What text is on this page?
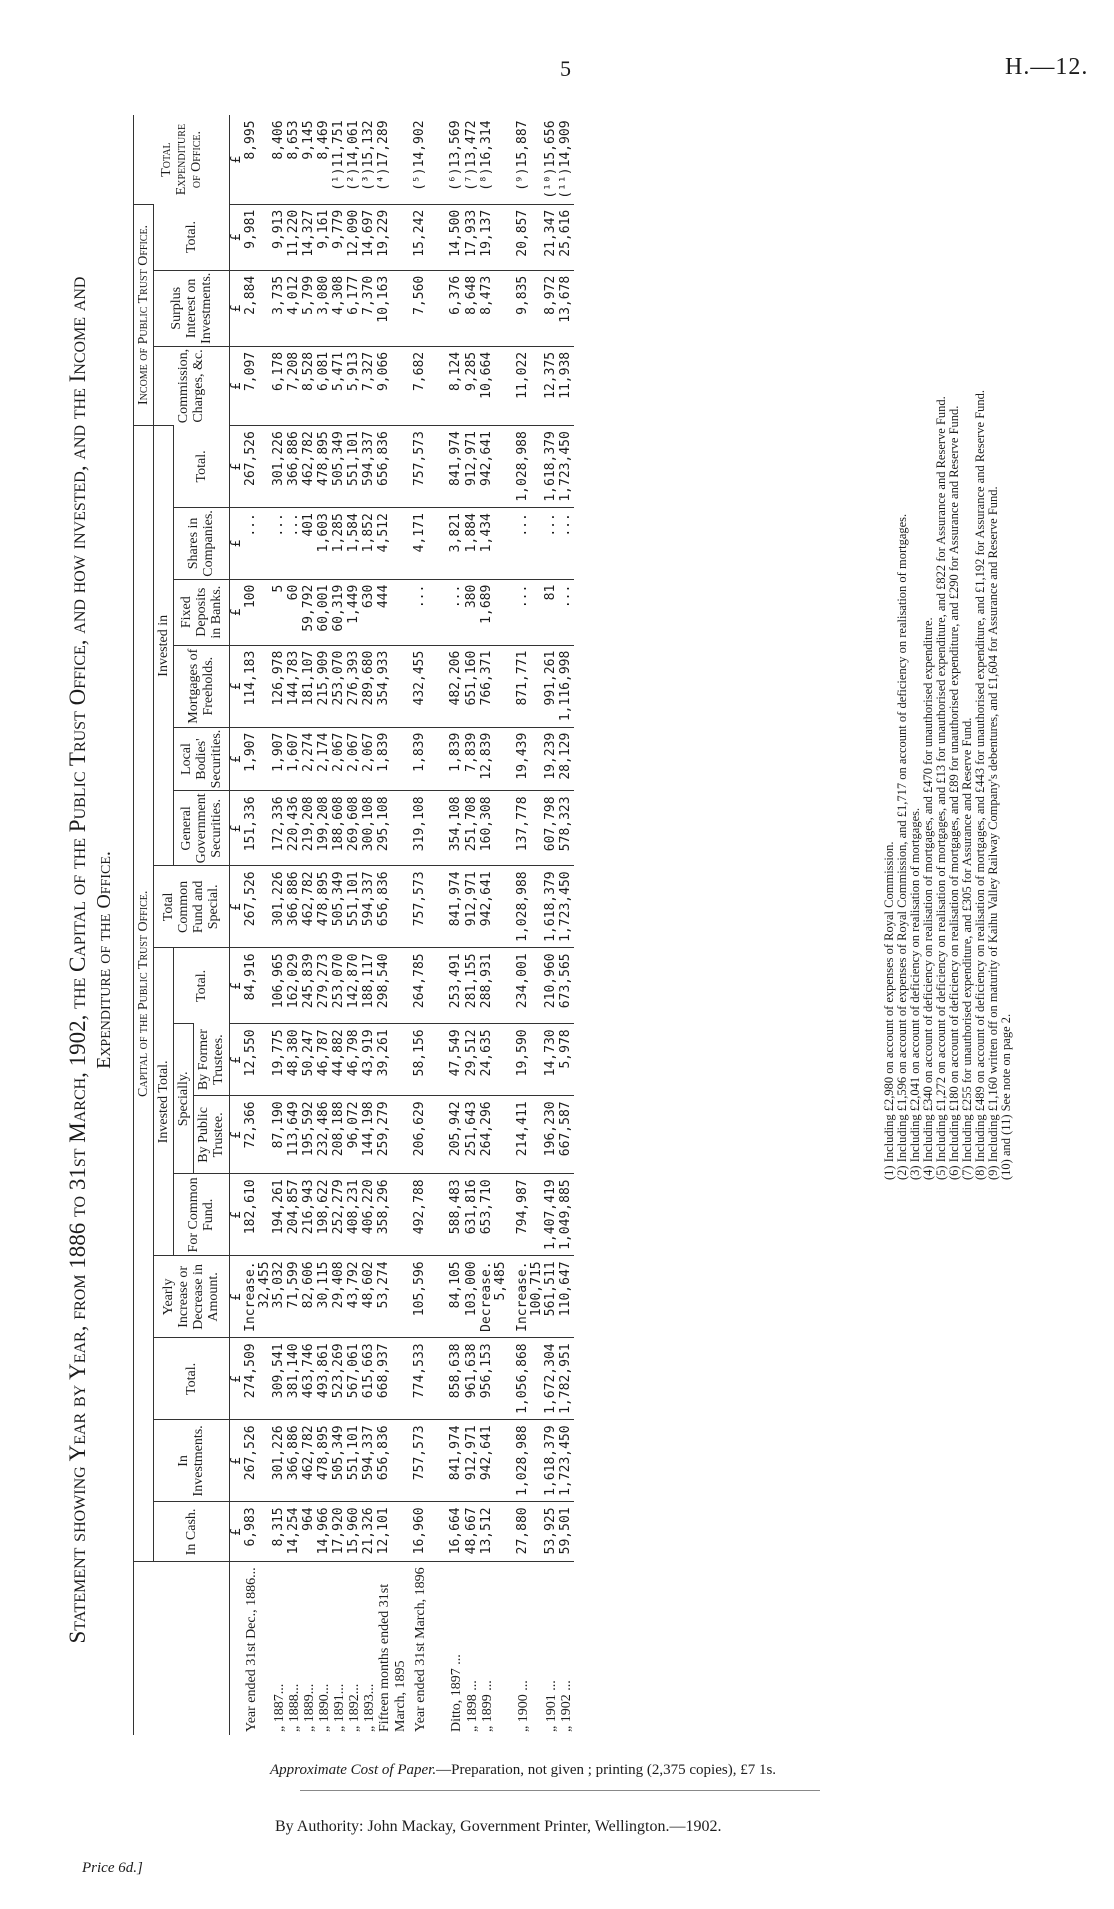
5	H.—12.
Statement showing Year by Year, from 1886 to 31st March, 1902, the Capital of the Public Trust Office, and how invested, and the Income and Expenditure of the Office.
	Capital of the Public Trust Office.															Income of Public Trust Office.			Total Expenditure of Office.
	In Cash.	In Investments.	Total.	Yearly Increase or Decrease in Amount.	Invested Total.				Total Common Fund and Special.	Invested in						Commission, Charges, &c.	Surplus Interest on Investments.	Total.	
					For Common Fund.	Specially.		Total.		General Government Securities.	Local Bodies' Securities.	Mortgages of Freeholds.	Fixed Deposits in Banks.	Shares in Companies.	Total.				
						By Public Trustee.	By Former Trustees.												
	£	£	£	£	£	£	£	£	£	£	£	£	£	£	£	£	£	£	£
Year ended 31st Dec., 1886...	6,983	267,526	274,509	Increase. 32,455	182,610	72,366	12,550	84,916	267,526	151,336	1,907	114,183	100	...	267,526	7,097	2,884	9,981	8,995
„ 1887...	8,315	301,226	309,541	35,032	194,261	87,190	19,775	106,965	301,226	172,336	1,907	126,978	5	...	301,226	6,178	3,735	9,913	8,406
„ 1888...	14,254	366,886	381,140	71,599	204,857	113,649	48,380	162,029	366,886	220,436	1,607	144,783	60	...	366,886	7,208	4,012	11,220	8,653
„ 1889...	964	462,782	463,746	82,606	216,943	195,592	50,247	245,839	462,782	219,208	2,274	181,107	59,792	401	462,782	8,528	5,799	14,327	9,145
„ 1890...	14,966	478,895	493,861	30,115	198,622	232,486	46,787	279,273	478,895	199,208	2,174	215,909	60,001	1,603	478,895	6,081	3,080	9,161	8,469
„ 1891...	17,920	505,349	523,269	29,408	252,279	208,188	44,882	253,070	505,349	188,608	2,067	253,070	60,319	1,285	505,349	5,471	4,308	9,779	(¹)11,751
„ 1892...	15,960	551,101	567,061	43,792	408,231	96,072	46,798	142,870	551,101	269,608	2,067	276,393	1,449	1,584	551,101	5,913	6,177	12,090	(²)14,061
„ 1893...	21,326	594,337	615,663	48,602	406,220	144,198	43,919	188,117	594,337	300,108	2,067	289,680	630	1,852	594,337	7,327	7,370	14,697	(³)15,132
Fifteen months ended 31st March, 1895	12,101	656,836	668,937	53,274	358,296	259,279	39,261	298,540	656,836	295,108	1,839	354,933	444	4,512	656,836	9,066	10,163	19,229	(⁴)17,289
Year ended 31st March, 1896	16,960	757,573	774,533	105,596	492,788	206,629	58,156	264,785	757,573	319,108	1,839	432,455	...	4,171	757,573	7,682	7,560	15,242	(⁵)14,902
Ditto, 1897 ...	16,664	841,974	858,638	84,105	588,483	205,942	47,549	253,491	841,974	354,108	1,839	482,206	...	3,821	841,974	8,124	6,376	14,500	(⁶)13,569
„ 1898 ...	48,667	912,971	961,638	103,000	631,816	251,643	29,512	281,155	912,971	251,708	7,839	651,160	380	1,884	912,971	9,285	8,648	17,933	(⁷)13,472
„ 1899 ...	13,512	942,641	956,153	Decrease. 5,485	653,710	264,296	24,635	288,931	942,641	160,308	12,839	766,371	1,689	1,434	942,641	10,664	8,473	19,137	(⁸)16,314
„ 1900 ...	27,880	1,028,988	1,056,868	Increase. 100,715	794,987	214,411	19,590	234,001	1,028,988	137,778	19,439	871,771	...	...	1,028,988	11,022	9,835	20,857	(⁹)15,887
„ 1901 ...	53,925	1,618,379	1,672,304	561,511	1,407,419	196,230	14,730	210,960	1,618,379	607,798	19,239	991,261	81	...	1,618,379	12,375	8,972	21,347	(¹⁰)15,656
„ 1902 ...	59,501	1,723,450	1,782,951	110,647	1,049,885	667,587	5,978	673,565	1,723,450	578,323	28,129	1,116,998	...	...	1,723,450	11,938	13,678	25,616	(¹¹)14,909
(1) Including £2,980 on account of expenses of Royal Commission. (2) Including £1,596 on account of expenses of Royal Commission, and £1,717 on account of deficiency on realisation of mortgages. (3) Including £2,041 on account of deficiency on realisation of mortgages. (4) Including £340 on account of deficiency on realisation of mortgages, and £470 for unauthorised expenditure. (5) Including £1,272 on account of deficiency on realisation of mortgages, and £13 for unauthorised expenditure, and £822 for Assurance and Reserve Fund. (6) Including £180 on account of deficiency on realisation of mortgages, and £89 for unauthorised expenditure, and £290 for Assurance and Reserve Fund. (7) Including £255 for unauthorised expenditure, and £305 for Assurance and Reserve Fund. (8) Including £489 on account of deficiency on realisation of mortgages, and £443 for unauthorised expenditure, and £1,192 for Assurance and Reserve Fund. (9) Including £1,160 written off on maturity of Kaihu Valley Railway Company's debentures, and £1,604 for Assurance and Reserve Fund. (10) and (11) See note on page 2.
Approximate Cost of Paper.—Preparation, not given ; printing (2,375 copies), £7 1s.
By Authority: John Mackay, Government Printer, Wellington.—1902.
Price 6d.]
